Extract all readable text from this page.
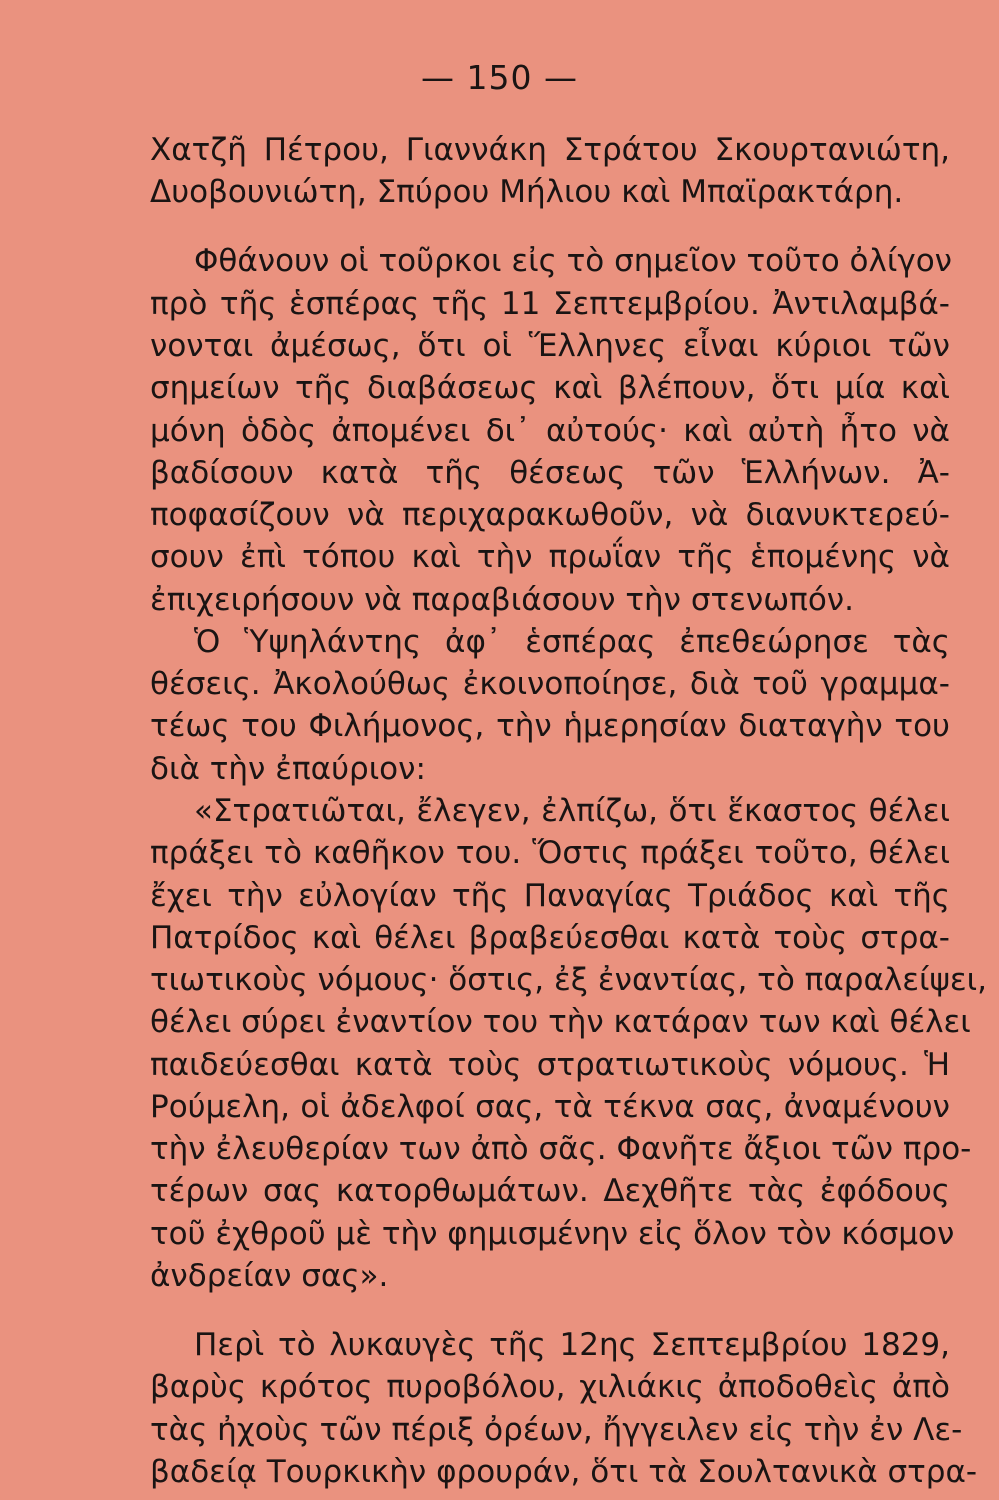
— 150 —
Χατζῆ Πέτρου, Γιαννάκη Στράτου Σκουρτανιώτη,
Δυοβουνιώτη, Σπύρου Μήλιου καὶ Μπαϊρακτάρη.
Φθάνουν οἱ τοῦρκοι εἰς τὸ σημεῖον τοῦτο ὀλίγον
πρὸ τῆς ἑσπέρας τῆς 11 Σεπτεμβρίου. Ἀντιλαμβά-
νονται ἀμέσως, ὅτι οἱ Ἕλληνες εἶναι κύριοι τῶν
σημείων τῆς διαβάσεως καὶ βλέπουν, ὅτι μία καὶ
μόνη ὁδὸς ἀπομένει δι᾽ αὐτούς· καὶ αὐτὴ ἦτο νὰ
βαδίσουν κατὰ τῆς θέσεως τῶν Ἑλλήνων. Ἀ-
ποφασίζουν νὰ περιχαρακωθοῦν, νὰ διανυκτερεύ-
σουν ἐπὶ τόπου καὶ τὴν πρωΐαν τῆς ἑπομένης νὰ
ἐπιχειρήσουν νὰ παραβιάσουν τὴν στενωπόν.
Ὁ Ὑψηλάντης ἀφ᾽ ἑσπέρας ἐπεθεώρησε τὰς
θέσεις. Ἀκολούθως ἐκοινοποίησε, διὰ τοῦ γραμμα-
τέως του Φιλήμονος, τὴν ἡμερησίαν διαταγὴν του
διὰ τὴν ἐπαύριον:
«Στρατιῶται, ἔλεγεν, ἐλπίζω, ὅτι ἕκαστος θέλει
πράξει τὸ καθῆκον του. Ὅστις πράξει τοῦτο, θέλει
ἔχει τὴν εὐλογίαν τῆς Παναγίας Τριάδος καὶ τῆς
Πατρίδος καὶ θέλει βραβεύεσθαι κατὰ τοὺς στρα-
τιωτικοὺς νόμους· ὅστις, ἐξ ἐναντίας, τὸ παραλείψει,
θέλει σύρει ἐναντίον του τὴν κατάραν των καὶ θέλει
παιδεύεσθαι κατὰ τοὺς στρατιωτικοὺς νόμους. Ἡ
Ρούμελη, οἱ ἀδελφοί σας, τὰ τέκνα σας, ἀναμένουν
τὴν ἐλευθερίαν των ἀπὸ σᾶς. Φανῆτε ἄξιοι τῶν προ-
τέρων σας κατορθωμάτων. Δεχθῆτε τὰς ἐφόδους
τοῦ ἐχθροῦ μὲ τὴν φημισμένην εἰς ὅλον τὸν κόσμον
ἀνδρείαν σας».
Περὶ τὸ λυκαυγὲς τῆς 12ης Σεπτεμβρίου 1829,
βαρὺς κρότος πυροβόλου, χιλιάκις ἀποδοθεὶς ἀπὸ
τὰς ἠχοὺς τῶν πέριξ ὀρέων, ἤγγειλεν εἰς τὴν ἐν Λε-
βαδείᾳ Τουρκικὴν φρουράν, ὅτι τὰ Σουλτανικὰ στρα-
